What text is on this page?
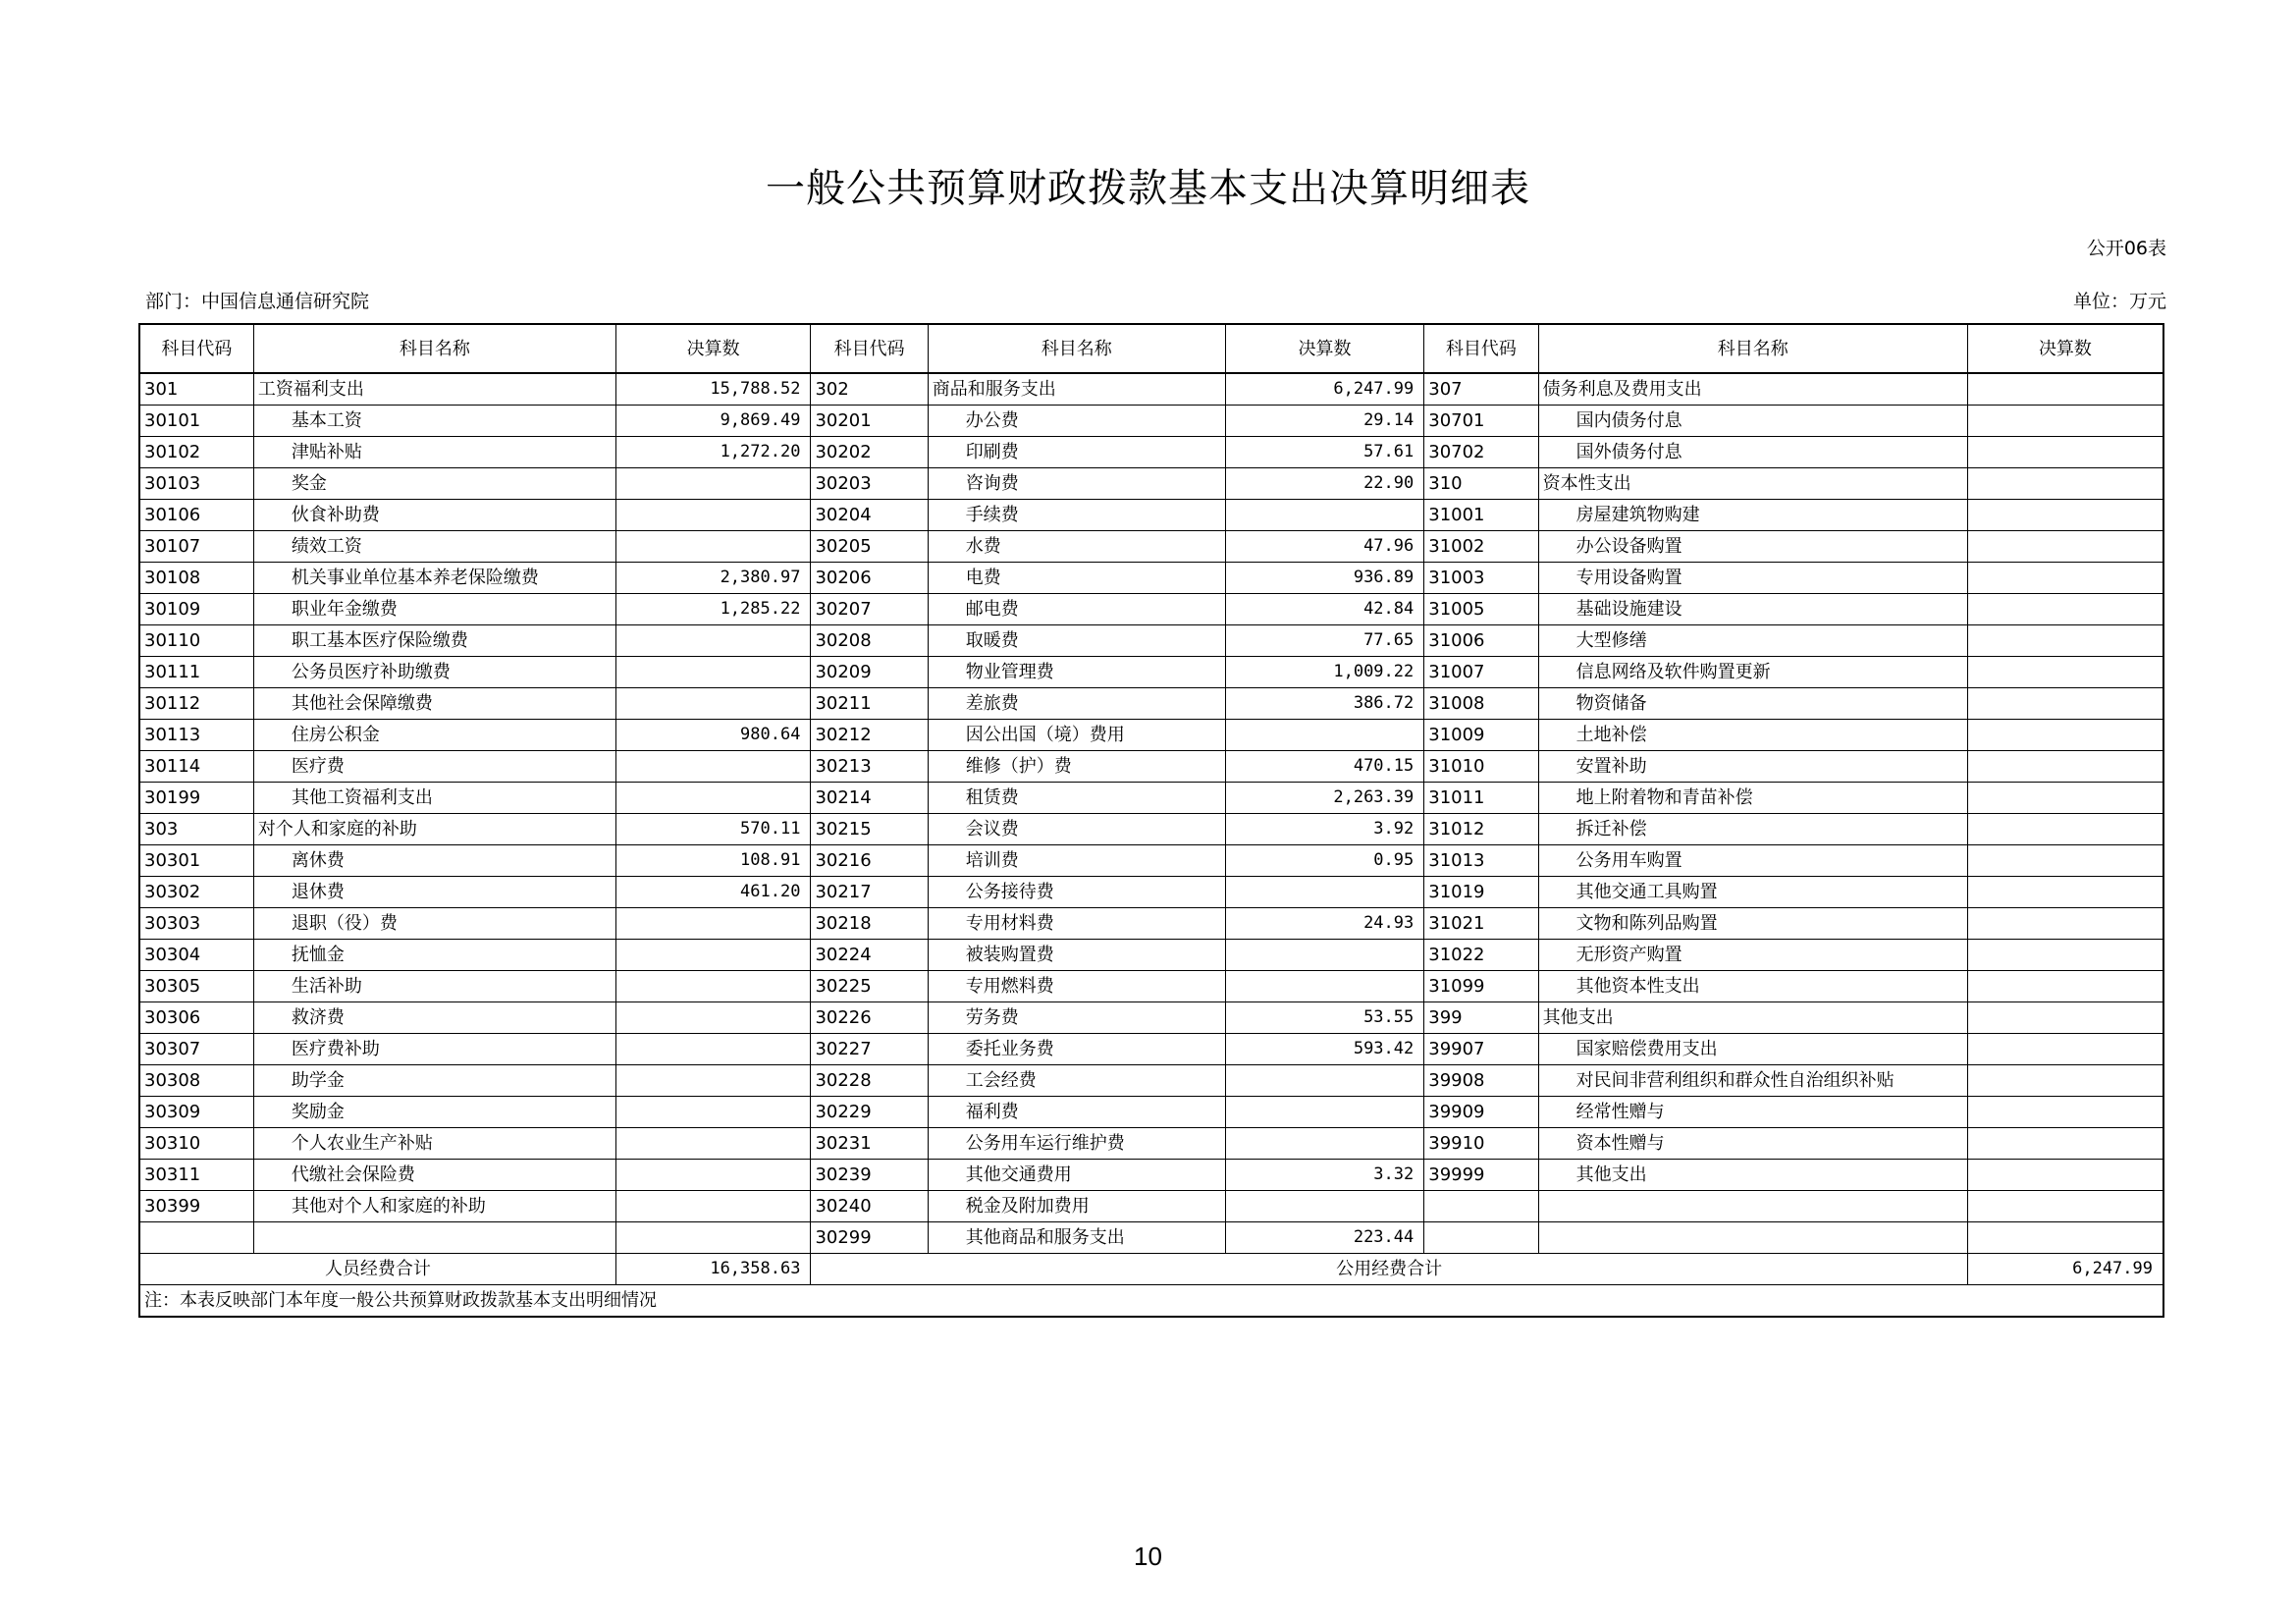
一般公共预算财政拨款基本支出决算明细表
公开06表
部门：中国信息通信研究院	单位：万元
科目代码	科目名称	决算数	科目代码	科目名称	决算数	科目代码	科目名称	决算数
301	工资福利支出	15,788.52	302	商品和服务支出	6,247.99	307	债务利息及费用支出	
30101	基本工资	9,869.49	30201	办公费	29.14	30701	国内债务付息	
30102	津贴补贴	1,272.20	30202	印刷费	57.61	30702	国外债务付息	
30103	奖金		30203	咨询费	22.90	310	资本性支出	
30106	伙食补助费		30204	手续费		31001	房屋建筑物购建	
30107	绩效工资		30205	水费	47.96	31002	办公设备购置	
30108	机关事业单位基本养老保险缴费	2,380.97	30206	电费	936.89	31003	专用设备购置	
30109	职业年金缴费	1,285.22	30207	邮电费	42.84	31005	基础设施建设	
30110	职工基本医疗保险缴费		30208	取暖费	77.65	31006	大型修缮	
30111	公务员医疗补助缴费		30209	物业管理费	1,009.22	31007	信息网络及软件购置更新	
30112	其他社会保障缴费		30211	差旅费	386.72	31008	物资储备	
30113	住房公积金	980.64	30212	因公出国（境）费用		31009	土地补偿	
30114	医疗费		30213	维修（护）费	470.15	31010	安置补助	
30199	其他工资福利支出		30214	租赁费	2,263.39	31011	地上附着物和青苗补偿	
303	对个人和家庭的补助	570.11	30215	会议费	3.92	31012	拆迁补偿	
30301	离休费	108.91	30216	培训费	0.95	31013	公务用车购置	
30302	退休费	461.20	30217	公务接待费		31019	其他交通工具购置	
30303	退职（役）费		30218	专用材料费	24.93	31021	文物和陈列品购置	
30304	抚恤金		30224	被装购置费		31022	无形资产购置	
30305	生活补助		30225	专用燃料费		31099	其他资本性支出	
30306	救济费		30226	劳务费	53.55	399	其他支出	
30307	医疗费补助		30227	委托业务费	593.42	39907	国家赔偿费用支出	
30308	助学金		30228	工会经费		39908	对民间非营利组织和群众性自治组织补贴	
30309	奖励金		30229	福利费		39909	经常性赠与	
30310	个人农业生产补贴		30231	公务用车运行维护费		39910	资本性赠与	
30311	代缴社会保险费		30239	其他交通费用	3.32	39999	其他支出	
30399	其他对个人和家庭的补助		30240	税金及附加费用				
			30299	其他商品和服务支出	223.44			
人员经费合计		16,358.63	公用经费合计					6,247.99
注：本表反映部门本年度一般公共预算财政拨款基本支出明细情况								
10
